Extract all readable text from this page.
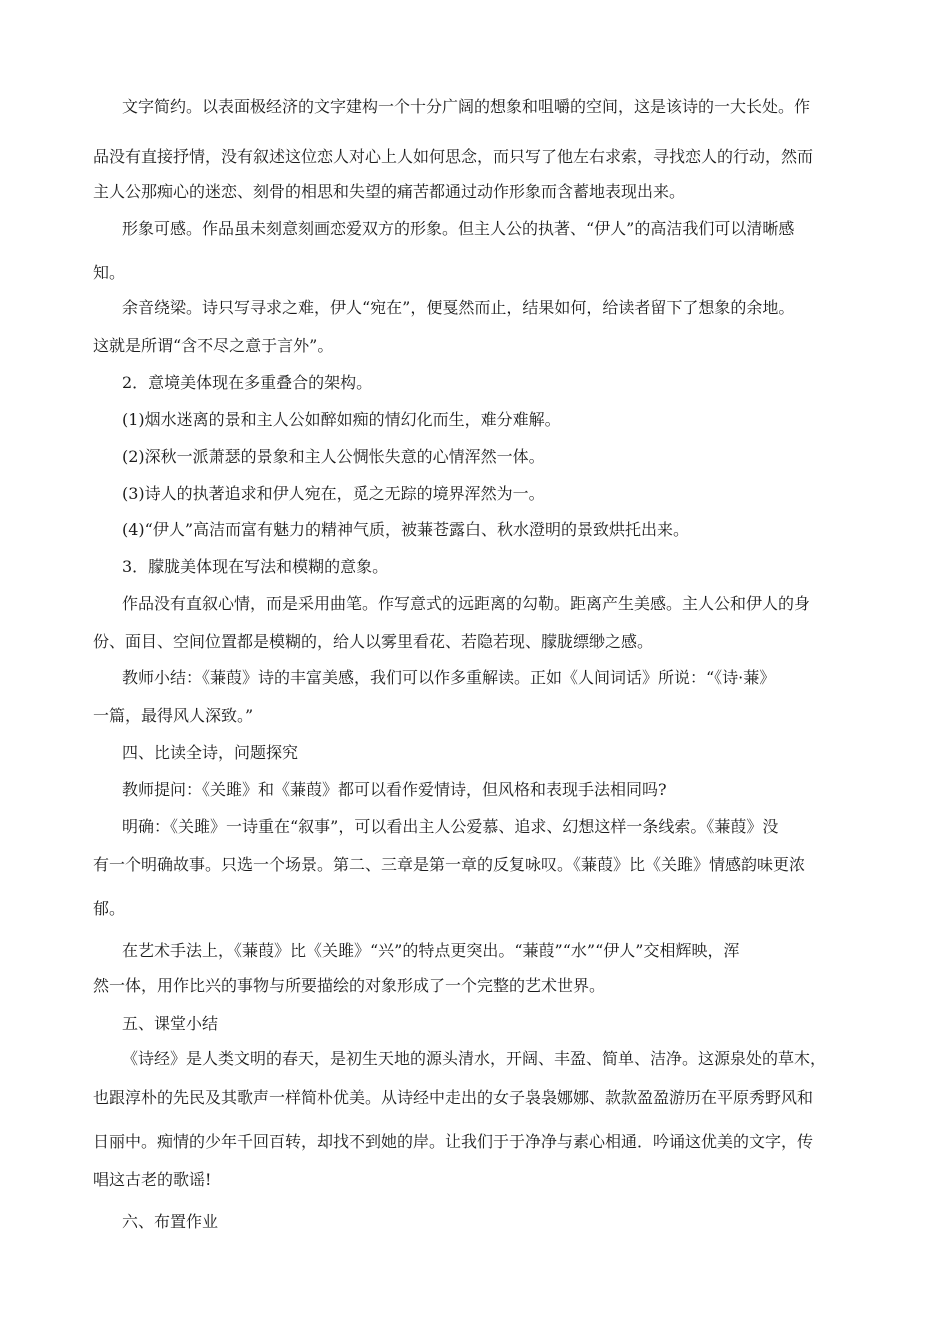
文字简约。以表面极经济的文字建构一个十分广阔的想象和咀嚼的空间，这是该诗的一大长处。作
品没有直接抒情，没有叙述这位恋人对心上人如何思念，而只写了他左右求索，寻找恋人的行动，然而
主人公那痴心的迷恋、刻骨的相思和失望的痛苦都通过动作形象而含蓄地表现出来。
形象可感。作品虽未刻意刻画恋爱双方的形象。但主人公的执著、“伊人”的高洁我们可以清晰感
知。
余音绕梁。诗只写寻求之难，伊人“宛在”，便戛然而止，结果如何，给读者留下了想象的余地。
这就是所谓“含不尽之意于言外”。
2．意境美体现在多重叠合的架构。
(1)烟水迷离的景和主人公如醉如痴的情幻化而生，难分难解。
(2)深秋一派萧瑟的景象和主人公惆怅失意的心情浑然一体。
(3)诗人的执著追求和伊人宛在，觅之无踪的境界浑然为一。
(4)“伊人”高洁而富有魅力的精神气质，被蒹苍露白、秋水澄明的景致烘托出来。
3．朦胧美体现在写法和模糊的意象。
作品没有直叙心情，而是采用曲笔。作写意式的远距离的勾勒。距离产生美感。主人公和伊人的身
份、面目、空间位置都是模糊的，给人以雾里看花、若隐若现、朦胧缥缈之感。
教师小结：《蒹葭》诗的丰富美感，我们可以作多重解读。正如《人间词话》所说：“《诗·蒹》
一篇，最得风人深致。”
四、比读全诗，问题探究
教师提问：《关雎》和《蒹葭》都可以看作爱情诗，但风格和表现手法相同吗?
明确：《关雎》一诗重在“叙事”，可以看出主人公爱慕、追求、幻想这样一条线索。《蒹葭》没
有一个明确故事。只选一个场景。第二、三章是第一章的反复咏叹。《蒹葭》比《关雎》情感韵味更浓
郁。
在艺术手法上，《蒹葭》比《关雎》“兴”的特点更突出。“蒹葭”“水”“伊人”交相辉映，浑
然一体，用作比兴的事物与所要描绘的对象形成了一个完整的艺术世界。
五、课堂小结
《诗经》是人类文明的春天，是初生天地的源头清水，开阔、丰盈、简单、洁净。这源泉处的草木，
也跟淳朴的先民及其歌声一样简朴优美。从诗经中走出的女子袅袅娜娜、款款盈盈游历在平原秀野风和
日丽中。痴情的少年千回百转，却找不到她的岸。让我们于于净净与素心相通．吟诵这优美的文字，传
唱这古老的歌谣!
六、布置作业
